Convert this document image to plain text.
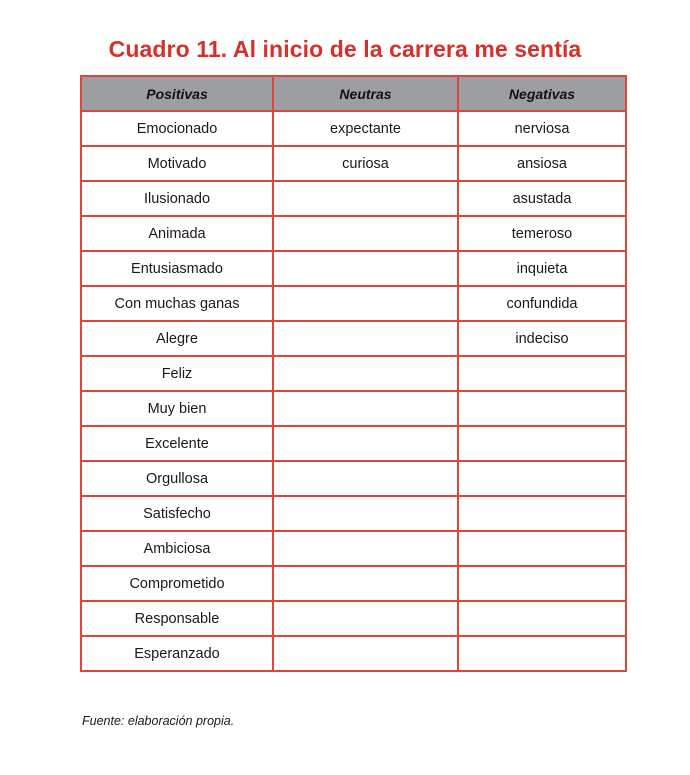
Cuadro 11. Al inicio de la carrera me sentía
Positivas	Neutras	Negativas
Emocionado	expectante	nerviosa
Motivado	curiosa	ansiosa
Ilusionado		asustada
Animada		temeroso
Entusiasmado		inquieta
Con muchas ganas		confundida
Alegre		indeciso
Feliz		
Muy bien		
Excelente		
Orgullosa		
Satisfecho		
Ambiciosa		
Comprometido		
Responsable		
Esperanzado		
Fuente: elaboración propia.
